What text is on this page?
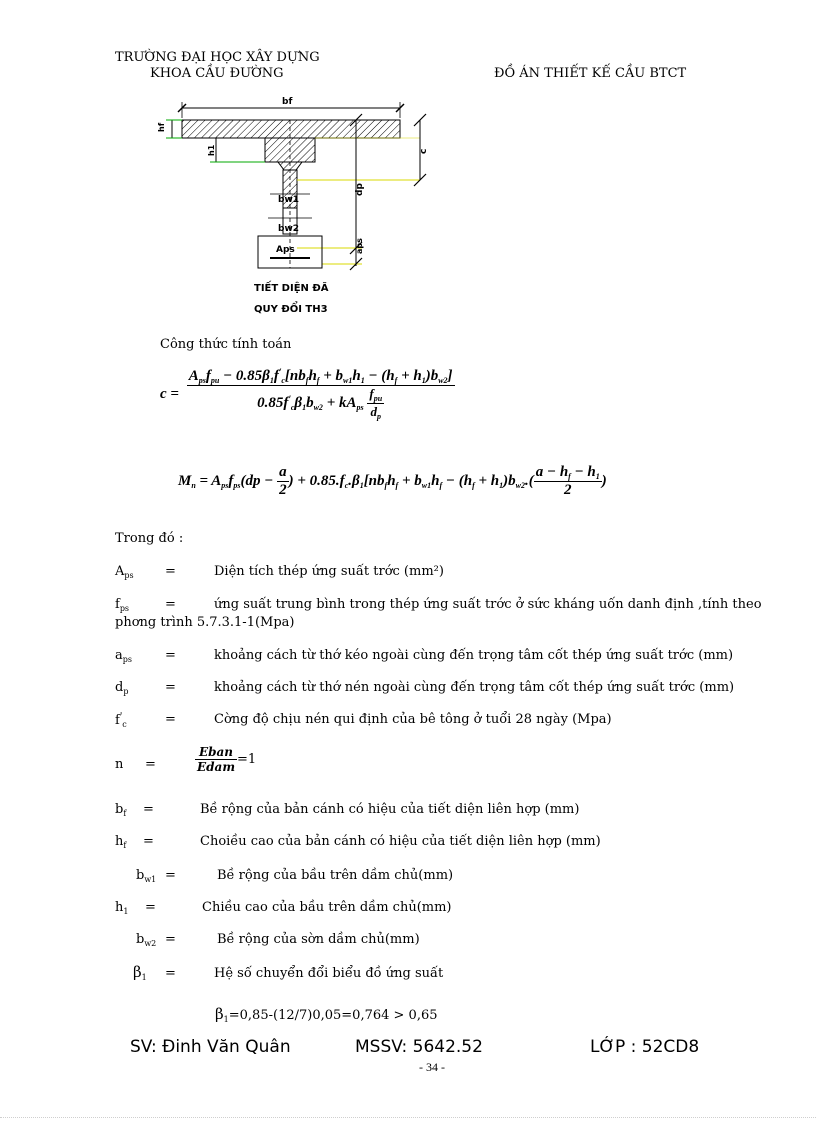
TRƯỜNG ĐẠI HỌC XÂY DỰNG
KHOA CẦU ĐƯỜNG	ĐỒ ÁN THIẾT KẾ CẦU BTCT
bf
hf
h1
bw1
bw2
Aps
c
dp
aps
TIẾT DIỆN ĐÃ
QUY ĐỔI TH3
Công thức tính toán
$c = \frac{A_{ps}f_{pu} - 0.85\beta_1f'_c[nb_fh_f + b_{w1}h_1 - (h_f + h_1)b_{w2}]}{0.85f'_c\beta_1b_{w2} + kA_{ps} \frac{f_{pu}}{d_p}}$
$M_n = A_{ps}f_{ps}(dp - \frac{a}{2}$ ) + $0.85.f_c.\beta_1[nb_fh_f + b_{w1}h_f - (h_f + h_1)b_{w2}.( \frac{a - h_f - h_1}{2}$ )
Trong đó :
$A_{ps}$ =	Diện tích thép ứng suất trớc (mm²)
$f_{ps}$	=	ứng suất trung bình trong thép ứng suất trớc ở sức kháng uốn danh định ,tính theo
phơng trình 5.7.3.1-1(Mpa)
$a_{ps}$	=	khoảng cách từ thớ kéo ngoài cùng đến trọng tâm cốt thép ứng suất trớc (mm)
$d_p$	=	khoảng cách từ thớ nén ngoài cùng đến trọng tâm cốt thép ứng suất trớc (mm)
$f'_c$	=	Cờng độ chịu nén qui định của bê tông ở tuổi 28 ngày (Mpa)
n =	$\frac{\text{Eban}}{\text{Edam}} =1$
$b_f$ =	Bề rộng của bản cánh có hiệu của tiết diện liên hợp (mm)
$h_f$ =	Choiều cao của bản cánh có hiệu của tiết diện liên hợp (mm)
$b_{w1}$ =	Bề rộng của bầu trên dầm chủ(mm)
$h_1$ =	Chiều cao của bầu trên dầm chủ(mm)
$b_{w2}$ =	Bề rộng của sờn dầm chủ(mm)
$\beta_1$ =	Hệ số chuyển đổi biểu đồ ứng suất
$\beta_1=0,85-(12/7)0,05=0,764 > 0,65$
SV: Đinh Văn Quân	MSSV: 5642.52	LỚP : 52CD8
- 34 -
